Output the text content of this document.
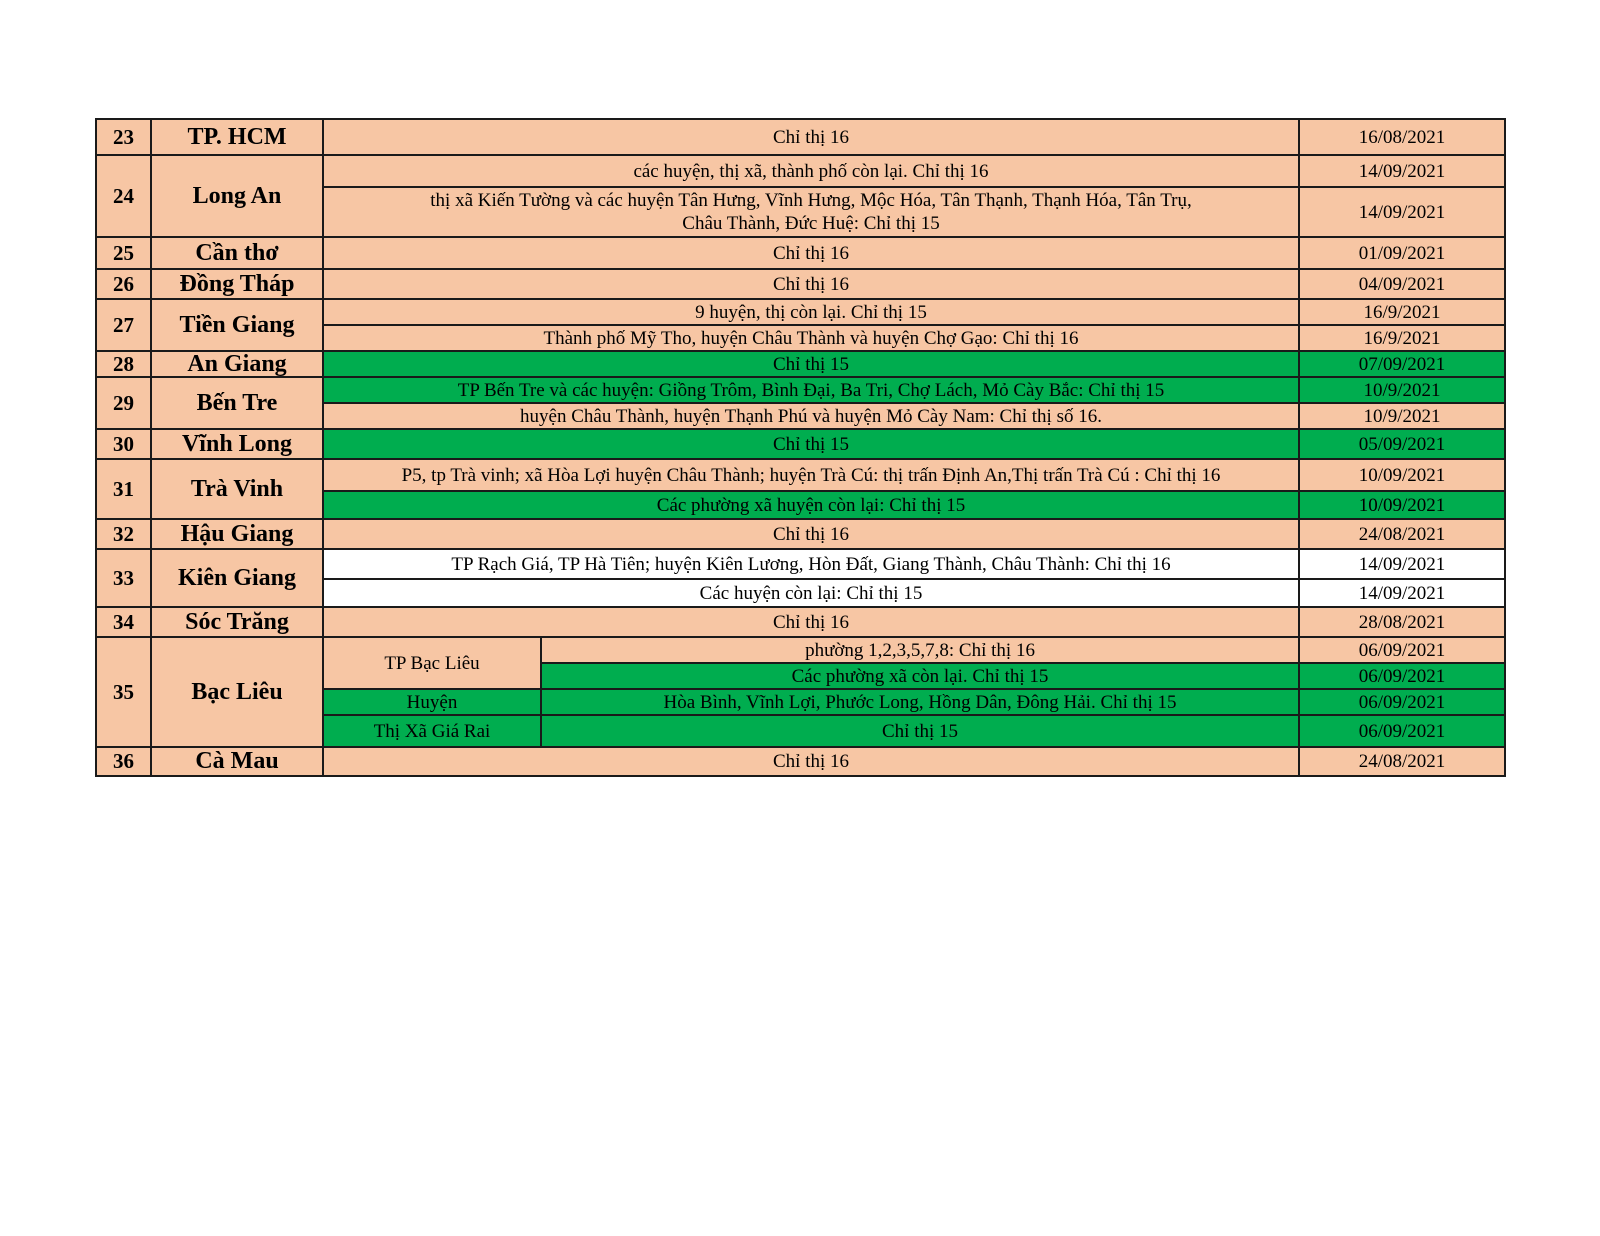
23	TP. HCM	Chỉ thị 16		16/08/2021
24	Long An	các huyện, thị xã, thành phố còn lại. Chỉ thị 16		14/09/2021

		thị xã Kiến Tường và các huyện Tân Hưng, Vĩnh Hưng, Mộc Hóa, Tân Thạnh, Thạnh Hóa, Tân Trụ,
Châu Thành, Đức Huệ: Chỉ thị 15		14/09/2021
25	Cần thơ	Chỉ thị 16		01/09/2021
26	Đồng Tháp	Chỉ thị 16		04/09/2021
27	Tiền Giang	9 huyện, thị còn lại. Chỉ thị 15		16/9/2021

		Thành phố Mỹ Tho, huyện Châu Thành và huyện Chợ Gạo: Chỉ thị 16		16/9/2021
28	An Giang	Chỉ thị 15		07/09/2021
29	Bến Tre	TP Bến Tre và các huyện: Giồng Trôm, Bình Đại, Ba Tri, Chợ Lách, Mỏ Cày Bắc: Chỉ thị 15		10/9/2021

		huyện Châu Thành, huyện Thạnh Phú và huyện Mỏ Cày Nam: Chỉ thị số 16.		10/9/2021
30	Vĩnh Long	Chỉ thị 15		05/09/2021
31	Trà Vinh	P5, tp Trà vinh; xã Hòa Lợi huyện Châu Thành; huyện Trà Cú: thị trấn Định An,Thị trấn Trà Cú : Chỉ thị 16		10/09/2021

		Các phường xã huyện còn lại: Chỉ thị 15		10/09/2021
32	Hậu Giang	Chỉ thị 16		24/08/2021
33	Kiên Giang	TP Rạch Giá, TP Hà Tiên; huyện Kiên Lương, Hòn Đất, Giang Thành, Châu Thành: Chỉ thị 16		14/09/2021

		Các huyện còn lại: Chỉ thị 15		14/09/2021
34	Sóc Trăng	Chỉ thị 16		28/08/2021
35	Bạc Liêu	TP Bạc Liêu	phường 1,2,3,5,7,8: Chỉ thị 16	06/09/2021
			Các phường xã còn lại. Chỉ thị 15	06/09/2021
		Huyện	Hòa Bình, Vĩnh Lợi, Phước Long, Hồng Dân, Đông Hải. Chỉ thị 15	06/09/2021
		Thị Xã Giá Rai	Chỉ thị 15	06/09/2021
36	Cà Mau	Chỉ thị 16		24/08/2021
